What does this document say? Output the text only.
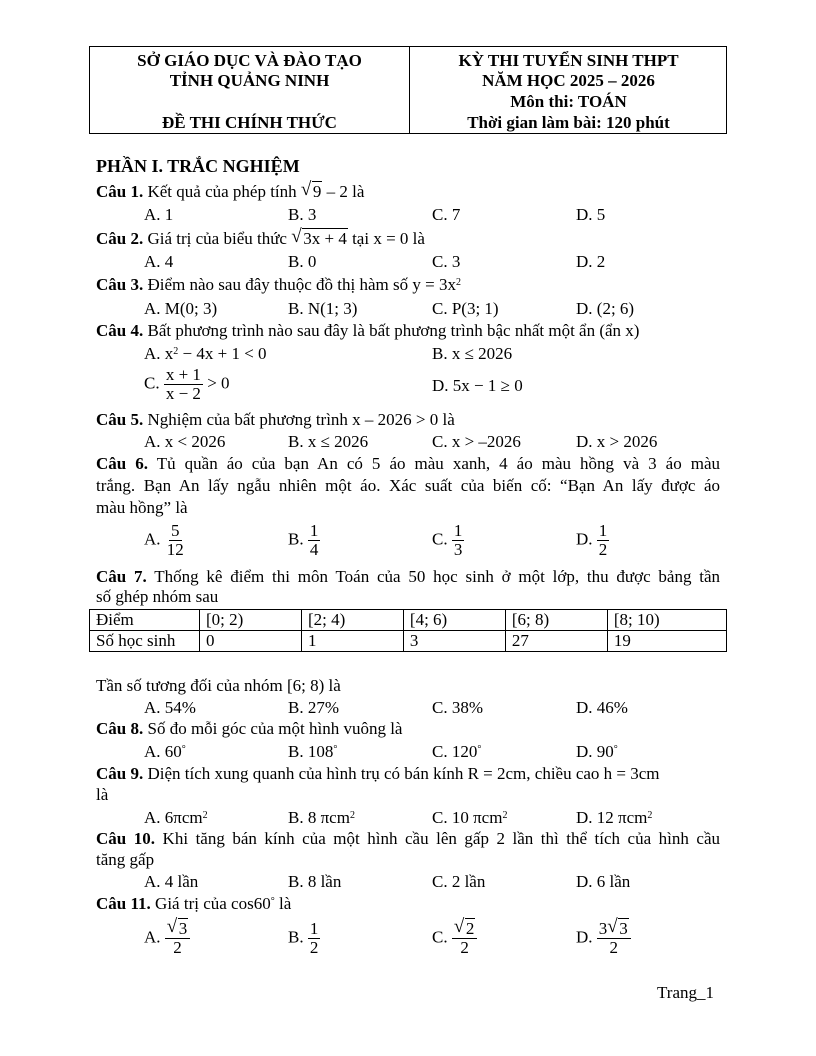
SỞ GIÁO DỤC VÀ ĐÀO TẠO
TỈNH QUẢNG NINH
ĐỀ THI CHÍNH THỨC
KỲ THI TUYỂN SINH THPT
NĂM HỌC 2025 – 2026
Môn thi: TOÁN
Thời gian làm bài: 120 phút
PHẦN I. TRẮC NGHIỆM
Câu 1. Kết quả của phép tính √ 9 – 2 là
A. 1	B. 3	C. 7	D. 5
Câu 2. Giá trị của biểu thức √ 3x + 4 tại x = 0 là
A. 4	B. 0	C. 3	D. 2
Câu 3. Điểm nào sau đây thuộc đồ thị hàm số $y = 3x^2$
A. M(0; 3)	B. N(1; 3)	C. P(3; 1)	D. (2; 6)
Câu 4. Bất phương trình nào sau đây là bất phương trình bậc nhất một ẩn (ẩn x)
A. $x^2 - 4x + 1 < 0$	B. x ≤ 2026
C. $\frac{x + 1}{x - 2} > 0$	D. 5x − 1 ≥ 0
Câu 5. Nghiệm của bất phương trình x – 2026 > 0 là
A. x < 2026	B. x ≤ 2026	C. x > –2026	D. x > 2026
Câu 6. Tủ quần áo của bạn An có 5 áo màu xanh, 4 áo màu hồng và 3 áo màu
trắng. Bạn An lấy ngẫu nhiên một áo. Xác suất của biến cố: “Bạn An lấy được áo
màu hồng” là
A. $\frac{5}{12}$	B. $\frac{1}{4}$	C. $\frac{1}{3}$	D. $\frac{1}{2}$
Câu 7. Thống kê điểm thi môn Toán của 50 học sinh ở một lớp, thu được bảng tần
số ghép nhóm sau
Điểm	[0; 2)	[2; 4)	[4; 6)	[6; 8)	[8; 10)
Số học sinh	0	1	3	27	19
Tần số tương đối của nhóm [6; 8) là
A. 54%	B. 27%	C. 38%	D. 46%
Câu 8. Số đo mỗi góc của một hình vuông là
A. 60°	B. 108°	C. 120°	D. 90°
Câu 9. Diện tích xung quanh của hình trụ có bán kính R = 2cm, chiều cao h = 3cm
là
A. 6πcm$^2$	B. 8 πcm$^2$	C. 10 πcm$^2$	D. 12 πcm$^2$
Câu 10. Khi tăng bán kính của một hình cầu lên gấp 2 lần thì thể tích của hình cầu
tăng gấp
A. 4 lần	B. 8 lần	C. 2 lần	D. 6 lần
Câu 11. Giá trị của cos60° là
A. $\frac{√ 3}{2}$	B. $\frac{1}{2}$	C. $\frac{√ 2}{2}$	D. $\frac{3 √ 3}{2}$
Trang_1
